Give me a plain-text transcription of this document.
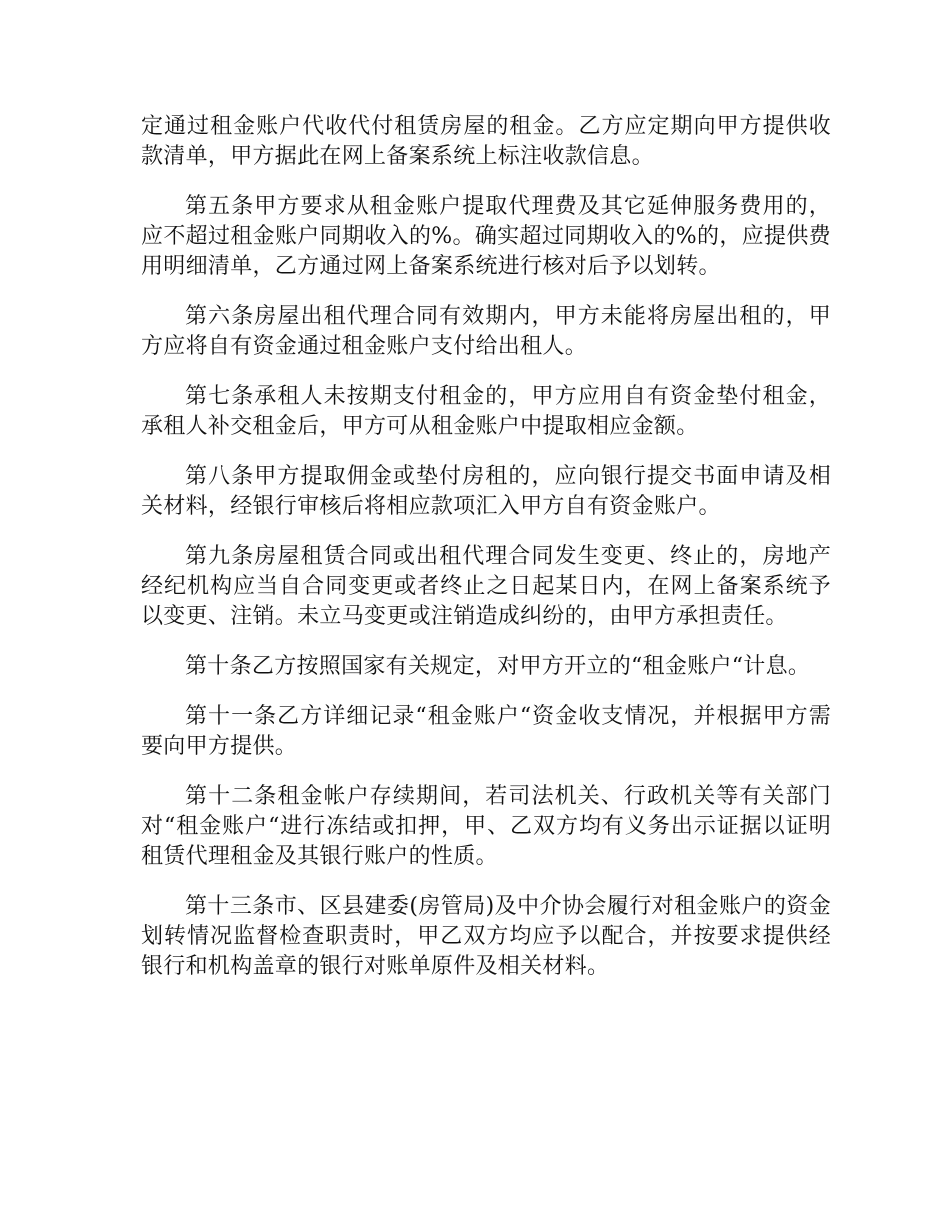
定通过租金账户代收代付租赁房屋的租金。乙方应定期向甲方提供收款清单，甲方据此在网上备案系统上标注收款信息。

第五条甲方要求从租金账户提取代理费及其它延伸服务费用的，应不超过租金账户同期收入的%。确实超过同期收入的%的，应提供费用明细清单，乙方通过网上备案系统进行核对后予以划转。

第六条房屋出租代理合同有效期内，甲方未能将房屋出租的，甲方应将自有资金通过租金账户支付给出租人。

第七条承租人未按期支付租金的，甲方应用自有资金垫付租金，承租人补交租金后，甲方可从租金账户中提取相应金额。

第八条甲方提取佣金或垫付房租的，应向银行提交书面申请及相关材料，经银行审核后将相应款项汇入甲方自有资金账户。

第九条房屋租赁合同或出租代理合同发生变更、终止的，房地产经纪机构应当自合同变更或者终止之日起某日内，在网上备案系统予以变更、注销。未立马变更或注销造成纠纷的，由甲方承担责任。

第十条乙方按照国家有关规定，对甲方开立的“租金账户“计息。

第十一条乙方详细记录“租金账户“资金收支情况，并根据甲方需要向甲方提供。

第十二条租金帐户存续期间，若司法机关、行政机关等有关部门对“租金账户“进行冻结或扣押，甲、乙双方均有义务出示证据以证明租赁代理租金及其银行账户的性质。

第十三条市、区县建委(房管局)及中介协会履行对租金账户的资金划转情况监督检查职责时，甲乙双方均应予以配合，并按要求提供经银行和机构盖章的银行对账单原件及相关材料。
